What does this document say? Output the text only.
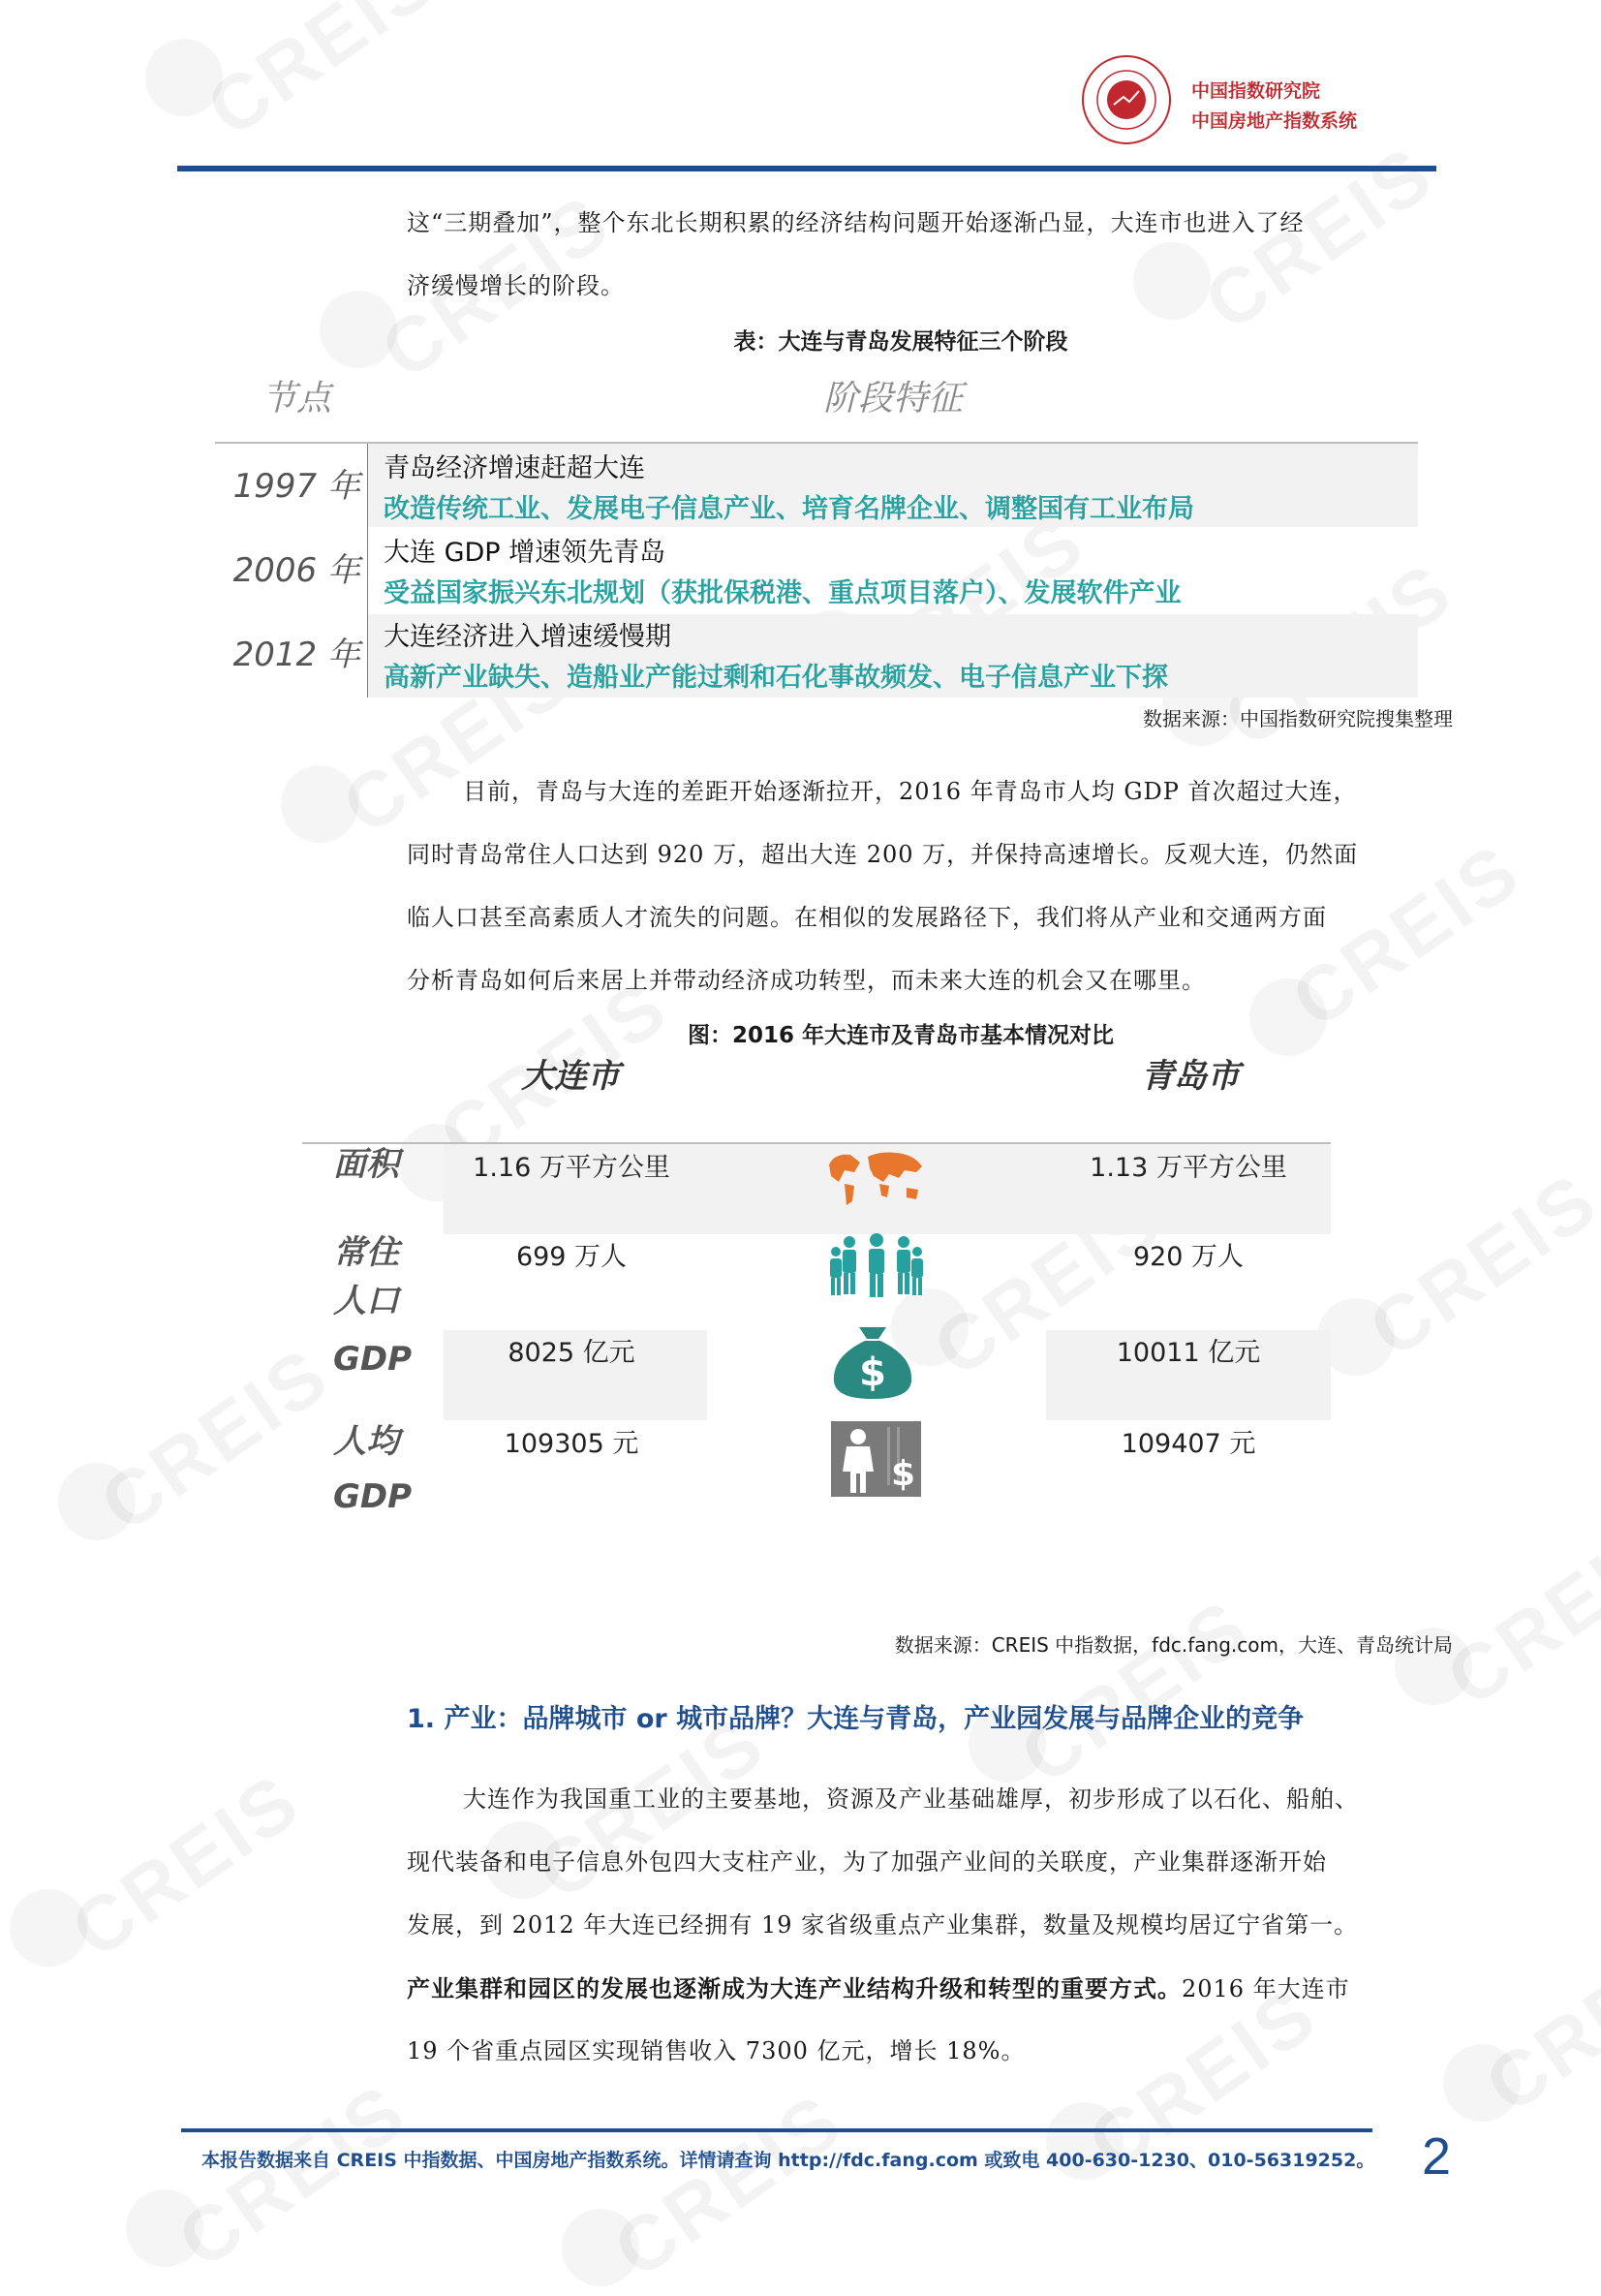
中国指数研究院
中国房地产指数系统
这“三期叠加”，整个东北长期积累的经济结构问题开始逐渐凸显，大连市也进入了经
济缓慢增长的阶段。
表：大连与青岛发展特征三个阶段
节点	阶段特征
1997 年 青岛经济增速赶超大连
改造传统工业、发展电子信息产业、培育名牌企业、调整国有工业布局
2006 年 大连 GDP 增速领先青岛
受益国家振兴东北规划（获批保税港、重点项目落户）、发展软件产业
2012 年 大连经济进入增速缓慢期
高新产业缺失、造船业产能过剩和石化事故频发、电子信息产业下探
数据来源：中国指数研究院搜集整理
目前，青岛与大连的差距开始逐渐拉开，2016 年青岛市人均 GDP 首次超过大连，
同时青岛常住人口达到 920 万，超出大连 200 万，并保持高速增长。反观大连，仍然面
临人口甚至高素质人才流失的问题。在相似的发展路径下，我们将从产业和交通两方面
分析青岛如何后来居上并带动经济成功转型，而未来大连的机会又在哪里。
图：2016 年大连市及青岛市基本情况对比
大连市	青岛市
面积	1.16 万平方公里	1.13 万平方公里
常住
人口
699 万人	920 万人
GDP	8025 亿元	10011 亿元
$
人均
GDP
109305 元	109407 元
$
数据来源：CREIS 中指数据，fdc.fang.com，大连、青岛统计局
1. 产业：品牌城市 or 城市品牌？大连与青岛，产业园发展与品牌企业的竞争
大连作为我国重工业的主要基地，资源及产业基础雄厚，初步形成了以石化、船舶、
现代装备和电子信息外包四大支柱产业，为了加强产业间的关联度，产业集群逐渐开始
发展，到 2012 年大连已经拥有 19 家省级重点产业集群，数量及规模均居辽宁省第一。
产业集群和园区的发展也逐渐成为大连产业结构升级和转型的重要方式。2016 年大连市
19 个省重点园区实现销售收入 7300 亿元，增长 18%。
本报告数据来自 CREIS 中指数据、中国房地产指数系统。详情请查询 http://fdc.fang.com 或致电 400-630-1230、010-56319252。 2
